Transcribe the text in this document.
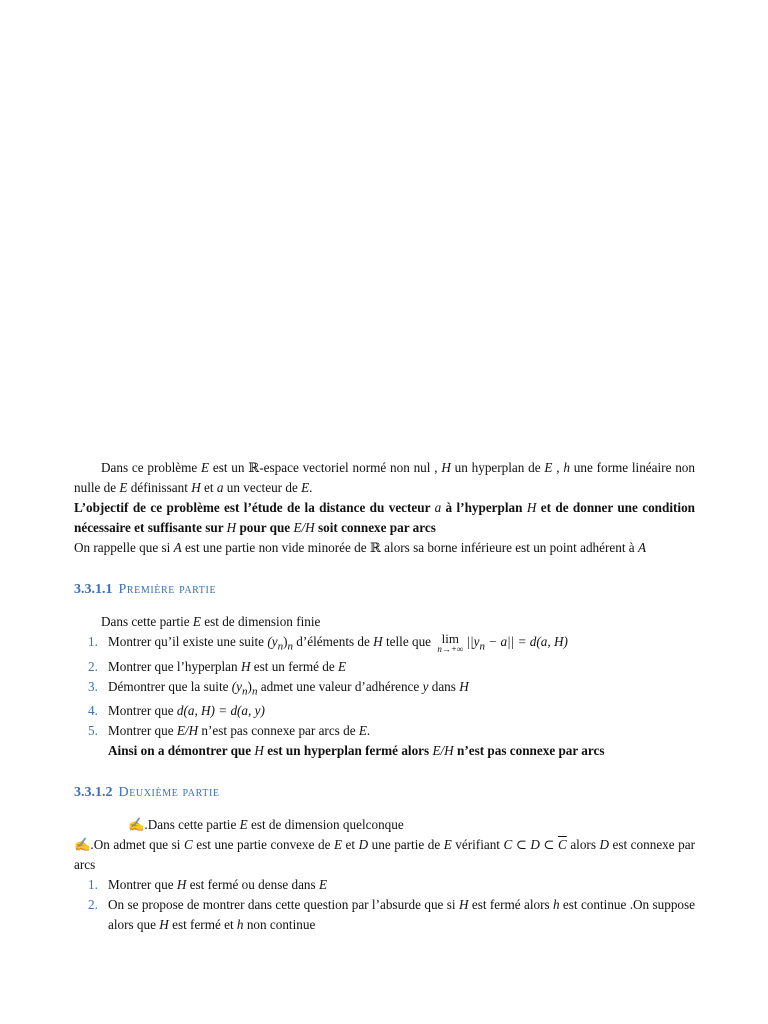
Dans ce problème E est un ℝ-espace vectoriel normé non nul , H un hyperplan de E , h une forme linéaire non nulle de E définissant H et a un vecteur de E.

L’objectif de ce problème est l’étude de la distance du vecteur a à l’hyperplan H et de donner une condition nécessaire et suffisante sur H pour que E/H soit connexe par arcs

On rappelle que si A est une partie non vide minorée de ℝ alors sa borne inférieure est un point adhérent à A

3.3.1.1 Première partie

Dans cette partie E est de dimension finie

1. Montrer qu’il existe une suite $(y_n)_n$ d’éléments de H telle que lim
n→+∞ $||y_n - a|| = d(a$, H)
2. Montrer que l’hyperplan H est un fermé de E
3. Démontrer que la suite $(y_n)_n$ admet une valeur d’adhérence y dans H
4. Montrer que d(a, H) = d(a, y)
5. Montrer que E/H n’est pas connexe par arcs de E.

Ainsi on a démontrer que H est un hyperplan fermé alors E/H n’est pas connexe par arcs

3.3.1.2 Deuxième partie

✍.Dans cette partie E est de dimension quelconque

✍.On admet que si C est une partie convexe de E et D une partie de E vérifiant C ⊂ D ⊂ $\overline{C}$ alors D est connexe par arcs

1. Montrer que H est fermé ou dense dans E
2. On se propose de montrer dans cette question par l’absurde que si H est fermé alors h est continue .On suppose alors que H est fermé et h non continue
